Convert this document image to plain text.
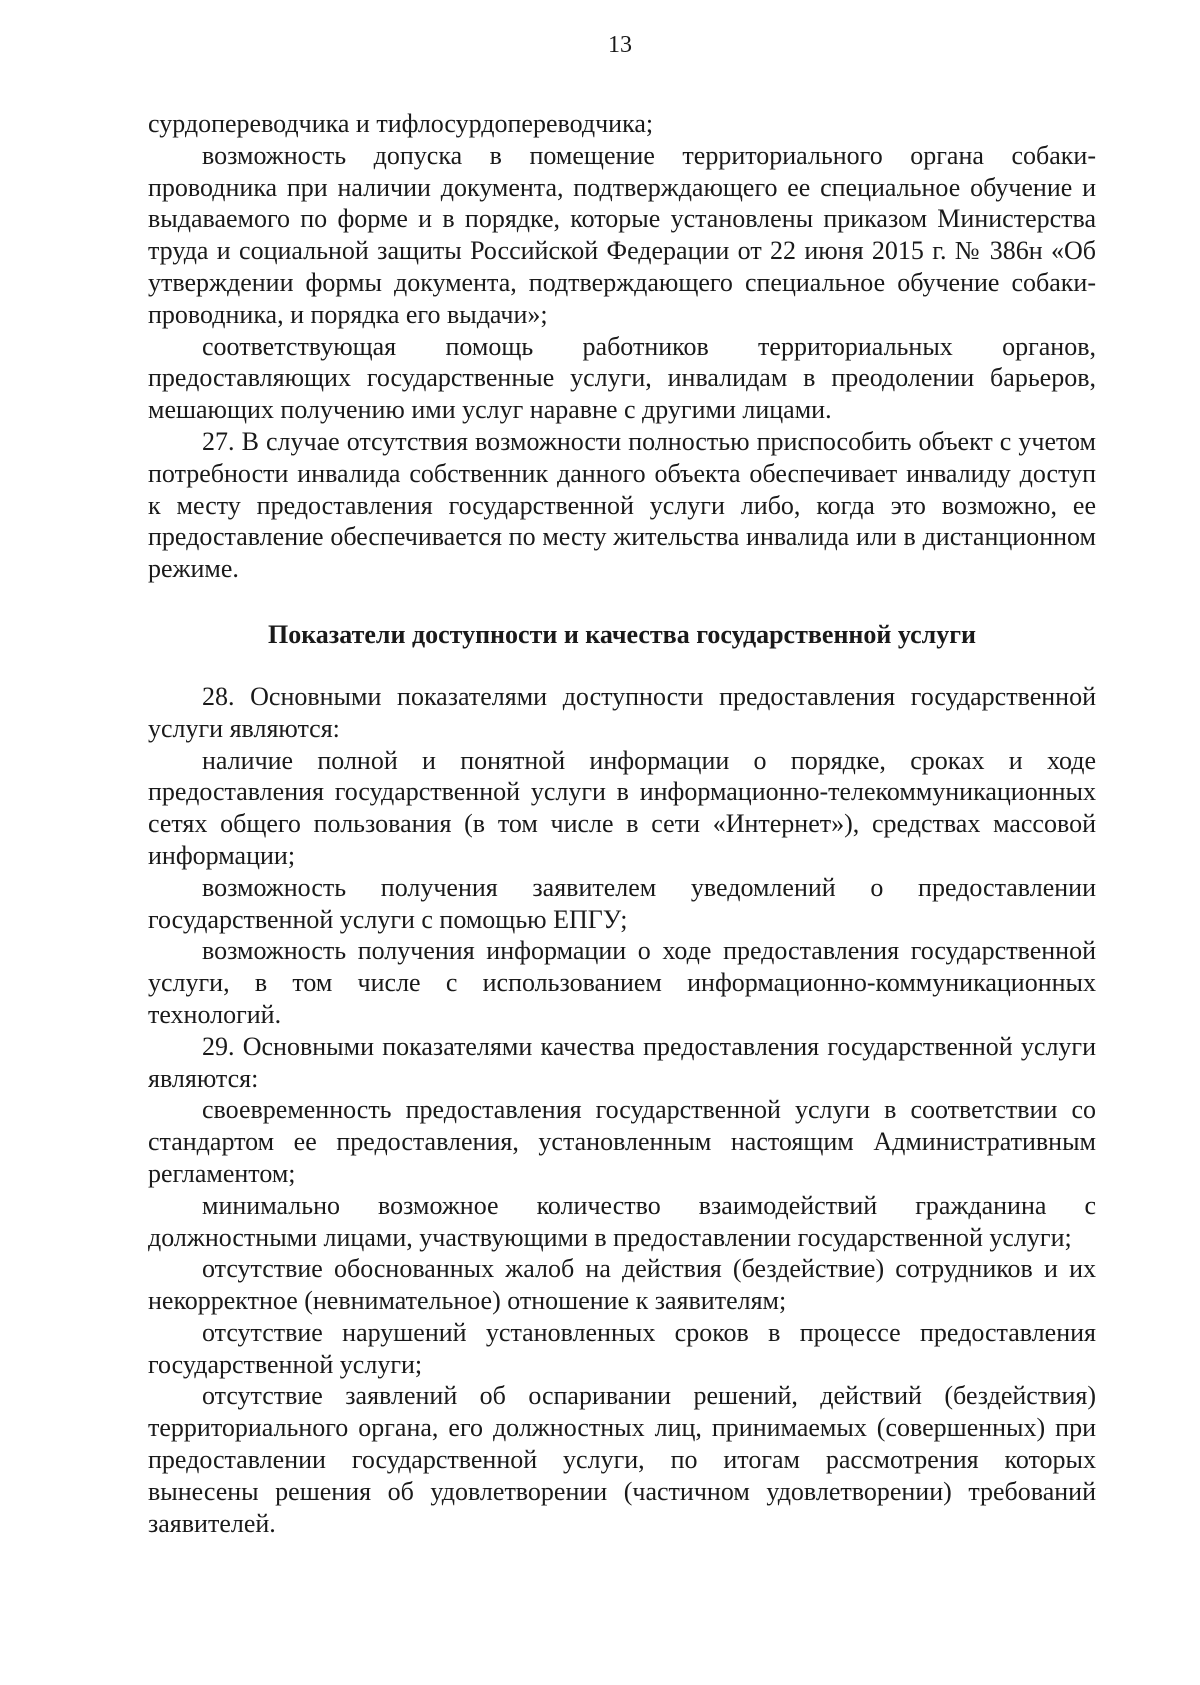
13

сурдопереводчика и тифлосурдопереводчика;

возможность допуска в помещение территориального органа собаки-проводника при наличии документа, подтверждающего ее специальное обучение и выдаваемого по форме и в порядке, которые установлены приказом Министерства труда и социальной защиты Российской Федерации от 22 июня 2015 г. № 386н «Об утверждении формы документа, подтверждающего специальное обучение собаки-проводника, и порядка его выдачи»;

соответствующая помощь работников территориальных органов, предоставляющих государственные услуги, инвалидам в преодолении барьеров, мешающих получению ими услуг наравне с другими лицами.

27. В случае отсутствия возможности полностью приспособить объект с учетом потребности инвалида собственник данного объекта обеспечивает инвалиду доступ к месту предоставления государственной услуги либо, когда это возможно, ее предоставление обеспечивается по месту жительства инвалида или в дистанционном режиме.

Показатели доступности и качества государственной услуги

28. Основными показателями доступности предоставления государственной услуги являются:

наличие полной и понятной информации о порядке, сроках и ходе предоставления государственной услуги в информационно-телекоммуникационных сетях общего пользования (в том числе в сети «Интернет»), средствах массовой информации;

возможность получения заявителем уведомлений о предоставлении государственной услуги с помощью ЕПГУ;

возможность получения информации о ходе предоставления государственной услуги, в том числе с использованием информационно-коммуникационных технологий.

29. Основными показателями качества предоставления государственной услуги являются:

своевременность предоставления государственной услуги в соответствии со стандартом ее предоставления, установленным настоящим Административным регламентом;

минимально возможное количество взаимодействий гражданина с должностными лицами, участвующими в предоставлении государственной услуги;

отсутствие обоснованных жалоб на действия (бездействие) сотрудников и их некорректное (невнимательное) отношение к заявителям;

отсутствие нарушений установленных сроков в процессе предоставления государственной услуги;

отсутствие заявлений об оспаривании решений, действий (бездействия) территориального органа, его должностных лиц, принимаемых (совершенных) при предоставлении государственной услуги, по итогам рассмотрения которых вынесены решения об удовлетворении (частичном удовлетворении) требований заявителей.
